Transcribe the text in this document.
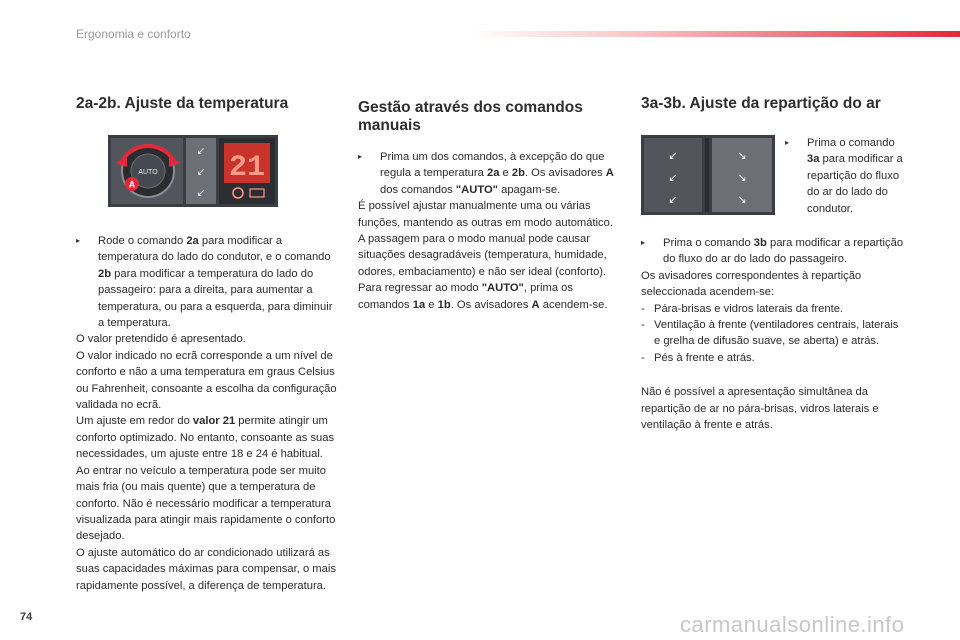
Ergonomia e conforto
2a-2b. Ajuste da temperatura
AUTO
A
↙
↙
↙
21
▸	Rode o comando 2a para modificar a temperatura do lado do condutor, e o comando 2b para modificar a temperatura do lado do passageiro: para a direita, para aumentar a temperatura, ou para a esquerda, para diminuir a temperatura.

O valor pretendido é apresentado.

O valor indicado no ecrã corresponde a um nível de conforto e não a uma temperatura em graus Celsius ou Fahrenheit, consoante a escolha da configuração validada no ecrã.

Um ajuste em redor do valor 21 permite atingir um conforto optimizado. No entanto, consoante as suas necessidades, um ajuste entre 18 e 24 é habitual.

Ao entrar no veículo a temperatura pode ser muito mais fria (ou mais quente) que a temperatura de conforto. Não é necessário modificar a temperatura visualizada para atingir mais rapidamente o conforto desejado.

O ajuste automático do ar condicionado utilizará as suas capacidades máximas para compensar, o mais rapidamente possível, a diferença de temperatura.

Gestão através dos comandos manuais
▸	Prima um dos comandos, à excepção do que regula a temperatura 2a e 2b. Os avisadores A dos comandos "AUTO" apagam-se.

É possível ajustar manualmente uma ou várias funções, mantendo as outras em modo automático.

A passagem para o modo manual pode causar situações desagradáveis (temperatura, humidade, odores, embaciamento) e não ser ideal (conforto).

Para regressar ao modo "AUTO", prima os comandos 1a e 1b. Os avisadores A acendem-se.

3a-3b. Ajuste da repartição do ar
↙
↙
↙
↘
↘
↘
▸	Prima o comando 3a para modificar a repartição do fluxo do ar do lado do condutor.
▸	Prima o comando 3b para modificar a repartição do fluxo do ar do lado do passageiro.

Os avisadores correspondentes à repartição seleccionada acendem-se:

- Pára-brisas e vidros laterais da frente.
- Ventilação à frente (ventiladores centrais, laterais e grelha de difusão suave, se aberta) e atrás.
- Pés à frente e atrás.

Não é possível a apresentação simultânea da repartição de ar no pára-brisas, vidros laterais e ventilação à frente e atrás.

74	carmanualsonline.info
